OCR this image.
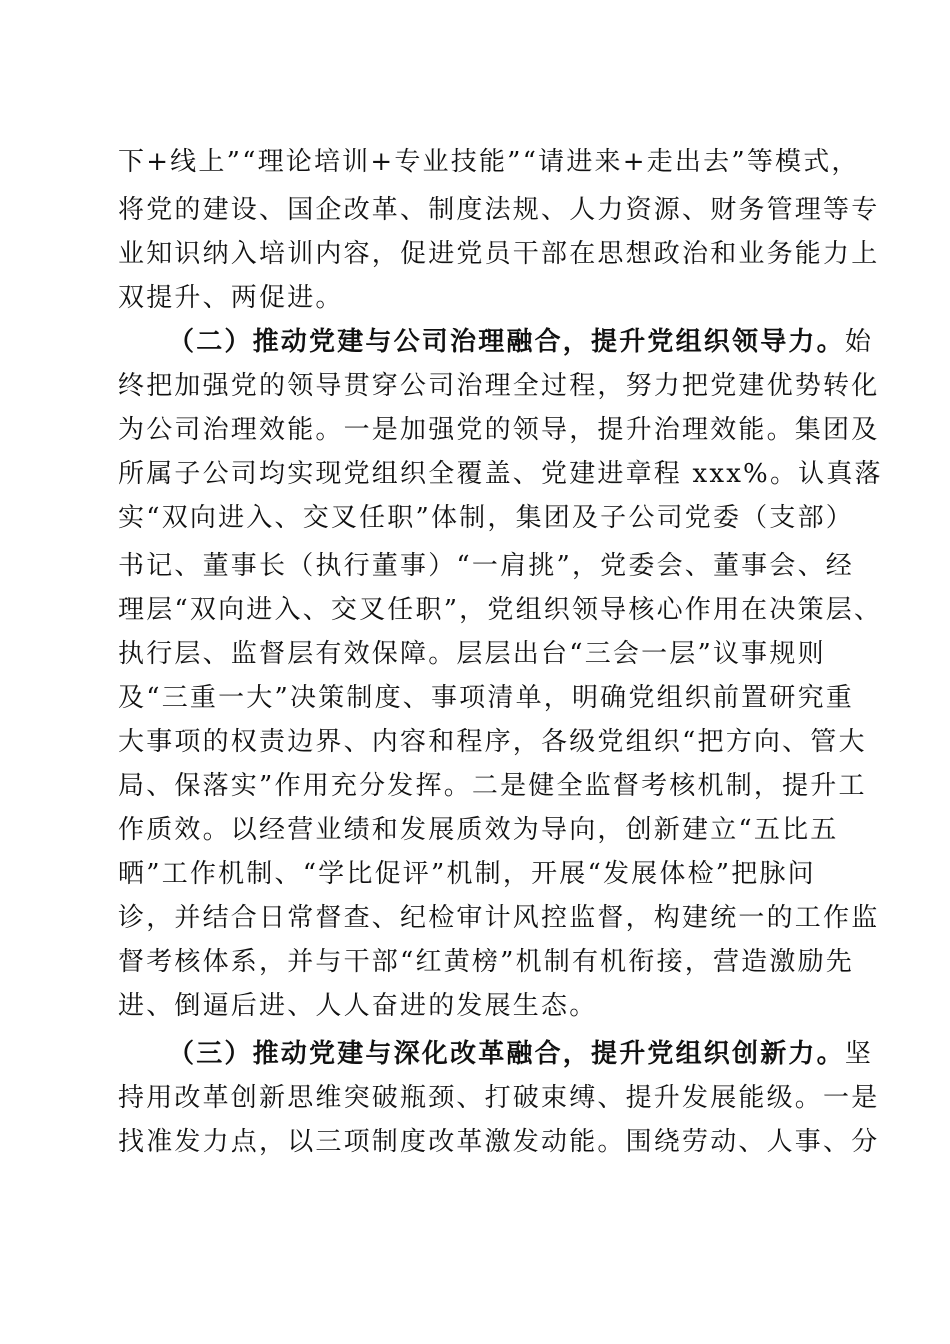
下+线上”“理论培训+专业技能”“请进来+走出去”等模式，
将党的建设、国企改革、制度法规、人力资源、财务管理等专
业知识纳入培训内容，促进党员干部在思想政治和业务能力上
双提升、两促进。
（二）推动党建与公司治理融合，提升党组织领导力。始
终把加强党的领导贯穿公司治理全过程，努力把党建优势转化
为公司治理效能。一是加强党的领导，提升治理效能。集团及
所属子公司均实现党组织全覆盖、党建进章程 xxx%。认真落
实“双向进入、交叉任职”体制，集团及子公司党委（支部）
书记、董事长（执行董事）“一肩挑”，党委会、董事会、经
理层“双向进入、交叉任职”，党组织领导核心作用在决策层、
执行层、监督层有效保障。层层出台“三会一层”议事规则
及“三重一大”决策制度、事项清单，明确党组织前置研究重
大事项的权责边界、内容和程序，各级党组织“把方向、管大
局、保落实”作用充分发挥。二是健全监督考核机制，提升工
作质效。以经营业绩和发展质效为导向，创新建立“五比五
晒”工作机制、“学比促评”机制，开展“发展体检”把脉问
诊，并结合日常督查、纪检审计风控监督，构建统一的工作监
督考核体系，并与干部“红黄榜”机制有机衔接，营造激励先
进、倒逼后进、人人奋进的发展生态。
（三）推动党建与深化改革融合，提升党组织创新力。坚
持用改革创新思维突破瓶颈、打破束缚、提升发展能级。一是
找准发力点，以三项制度改革激发动能。围绕劳动、人事、分
